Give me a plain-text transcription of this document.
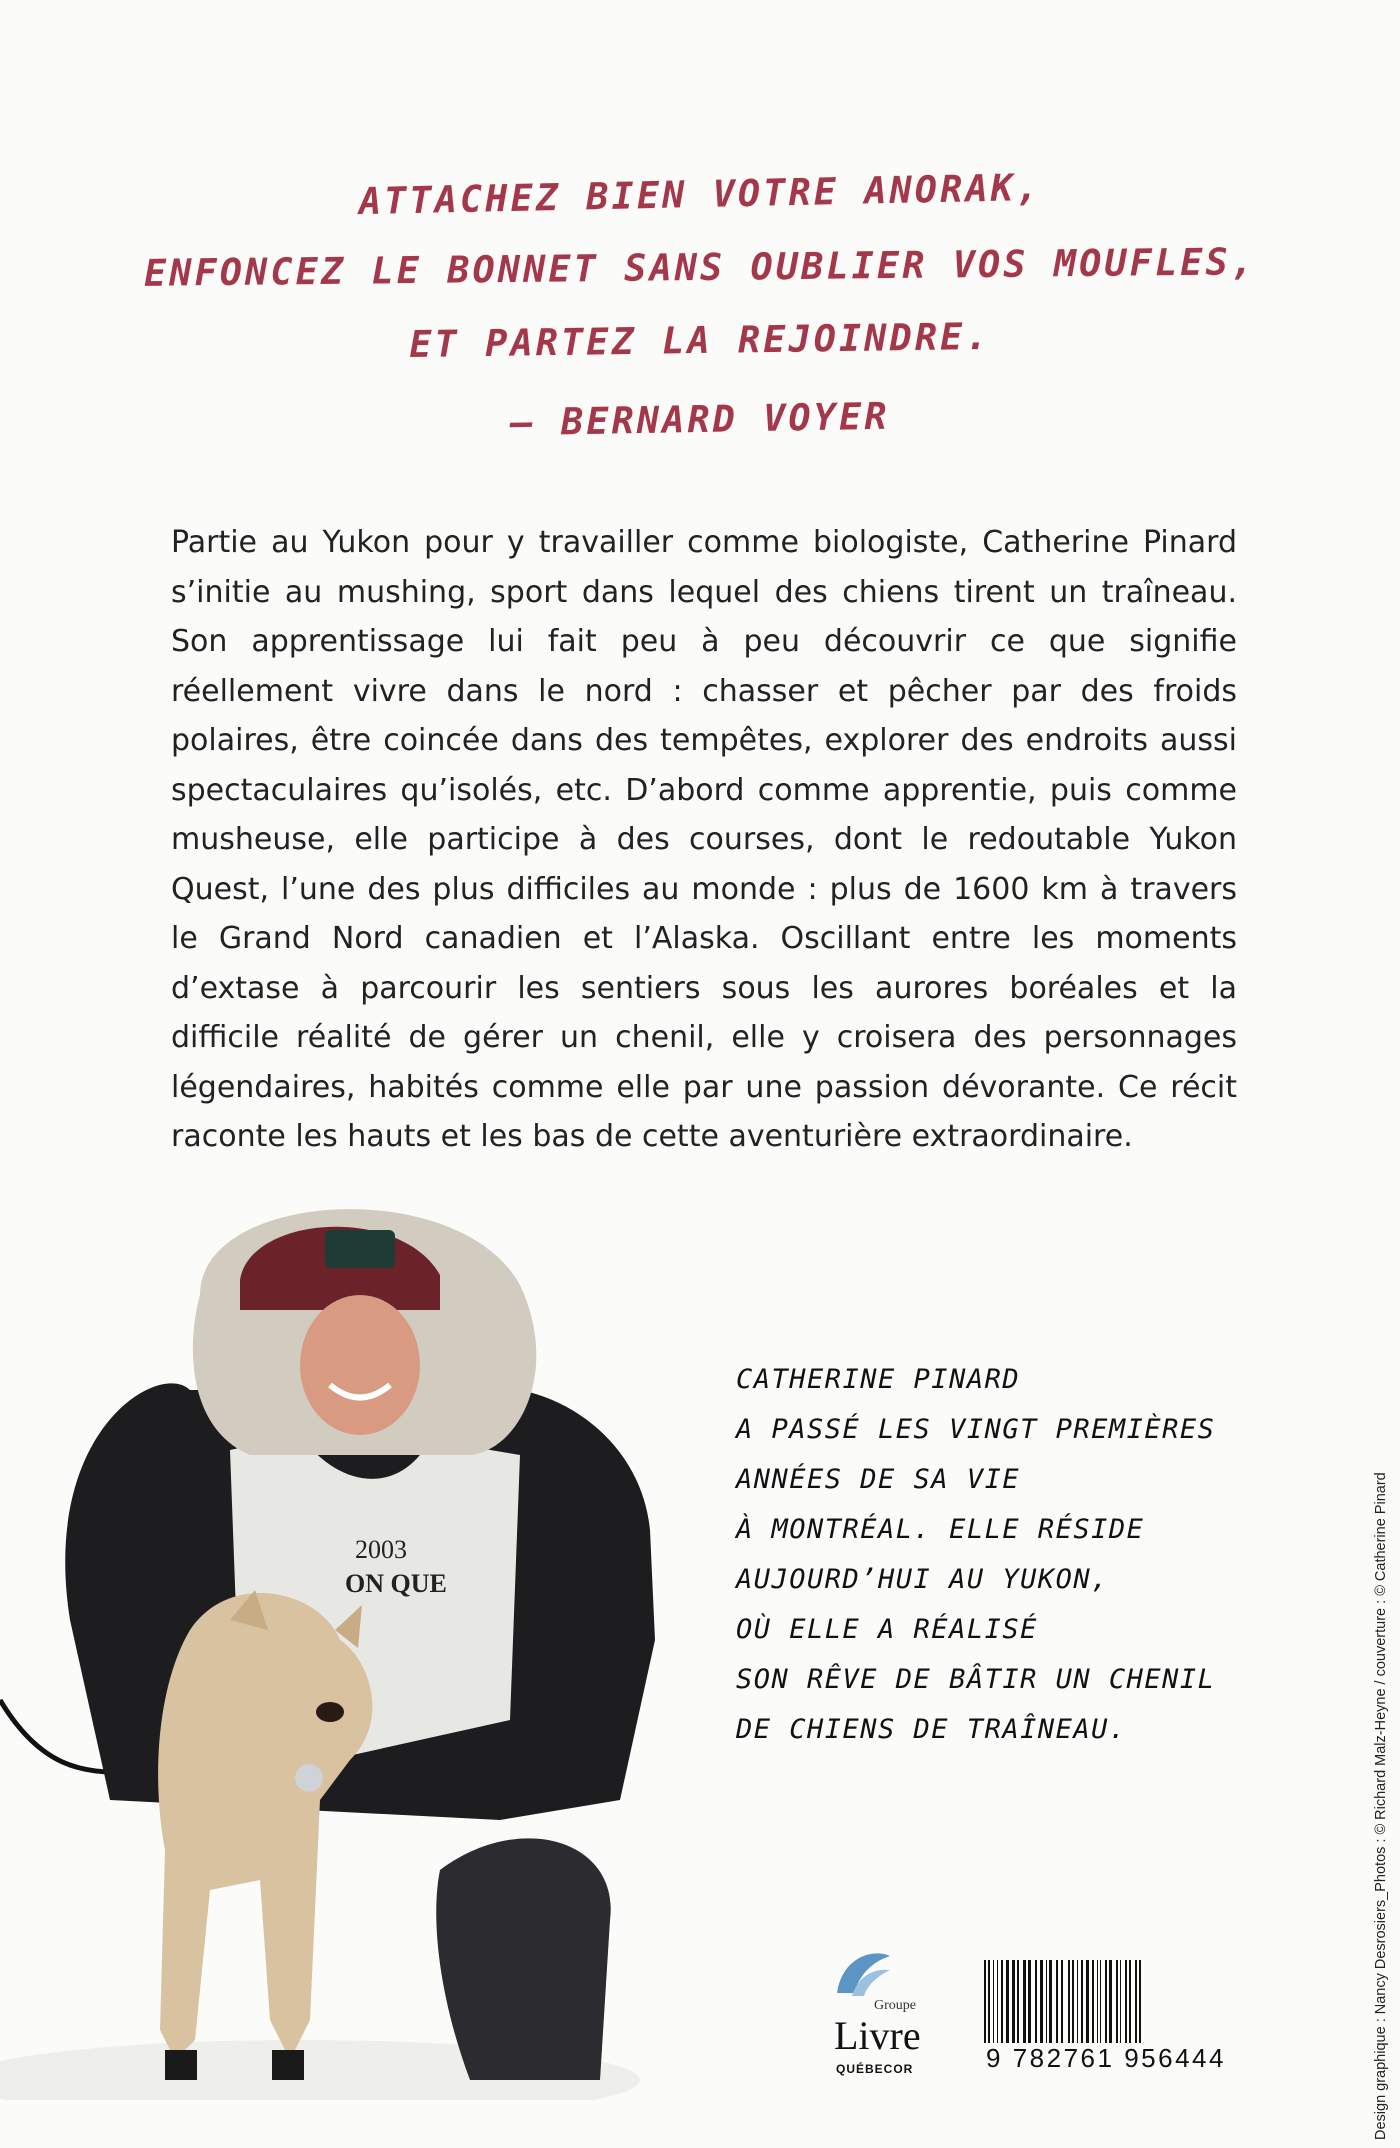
ATTACHEZ BIEN VOTRE ANORAK,
ENFONCEZ LE BONNET SANS OUBLIER VOS MOUFLES,
ET PARTEZ LA REJOINDRE.
– BERNARD VOYER
Partie au Yukon pour y travailler comme biologiste, Catherine Pinard s’initie au mushing, sport dans lequel des chiens tirent un traîneau. Son apprentissage lui fait peu à peu découvrir ce que signifie réellement vivre dans le nord : chasser et pêcher par des froids polaires, être coincée dans des tempêtes, explorer des endroits aussi spectaculaires qu’isolés, etc. D’abord comme apprentie, puis comme musheuse, elle participe à des courses, dont le redoutable Yukon Quest, l’une des plus difficiles au monde : plus de 1600 km à travers le Grand Nord canadien et l’Alaska. Oscillant entre les moments d’extase à parcourir les sentiers sous les aurores boréales et la difficile réalité de gérer un chenil, elle y croisera des personnages légendaires, habités comme elle par une passion dévorante. Ce récit raconte les hauts et les bas de cette aventurière extraordinaire.
2003
ON QUE
CATHERINE PINARD
A PASSÉ LES VINGT PREMIÈRES
ANNÉES DE SA VIE
À MONTRÉAL. ELLE RÉSIDE
AUJOURD’HUI AU YUKON,
OÙ ELLE A RÉALISÉ
SON RÊVE DE BÂTIR UN CHENIL
DE CHIENS DE TRAÎNEAU.	Design graphique : Nancy Desrosiers_Photos : © Richard Malz-Heyne / couverture : © Catherine Pinard
Groupe
Livre
QUÉBECOR	9 782761 956444
